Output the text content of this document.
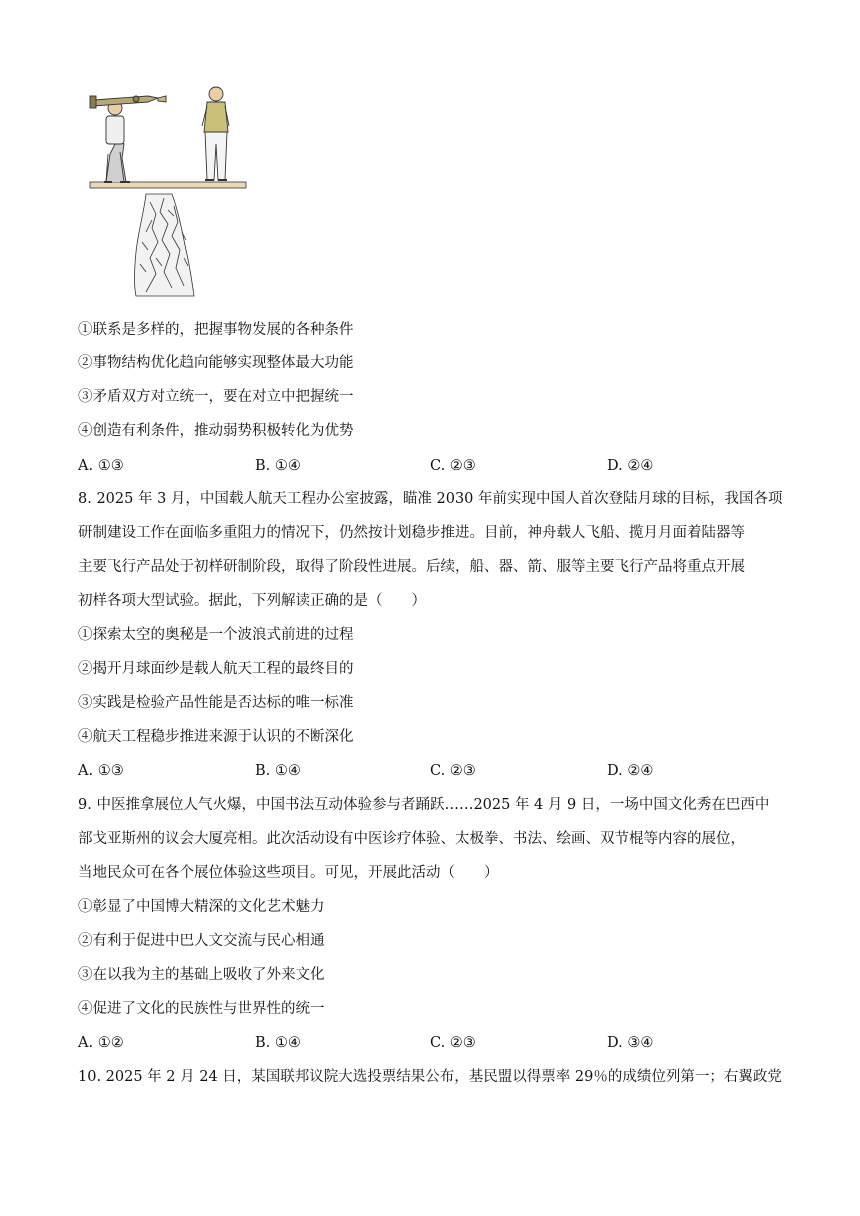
①联系是多样的，把握事物发展的各种条件
②事物结构优化趋向能够实现整体最大功能
③矛盾双方对立统一，要在对立中把握统一
④创造有利条件，推动弱势积极转化为优势
A. ①③	B. ①④	C. ②③	D. ②④
8. 2025 年 3 月，中国载人航天工程办公室披露，瞄准 2030 年前实现中国人首次登陆月球的目标，我国各项
研制建设工作在面临多重阻力的情况下，仍然按计划稳步推进。目前，神舟载人飞船、揽月月面着陆器等
主要飞行产品处于初样研制阶段，取得了阶段性进展。后续，船、器、箭、服等主要飞行产品将重点开展
初样各项大型试验。据此，下列解读正确的是（　　）
①探索太空的奥秘是一个波浪式前进的过程
②揭开月球面纱是载人航天工程的最终目的
③实践是检验产品性能是否达标的唯一标准
④航天工程稳步推进来源于认识的不断深化
A. ①③	B. ①④	C. ②③	D. ②④
9. 中医推拿展位人气火爆，中国书法互动体验参与者踊跃……2025 年 4 月 9 日，一场中国文化秀在巴西中
部戈亚斯州的议会大厦亮相。此次活动设有中医诊疗体验、太极拳、书法、绘画、双节棍等内容的展位，
当地民众可在各个展位体验这些项目。可见，开展此活动（　　）
①彰显了中国博大精深的文化艺术魅力
②有利于促进中巴人文交流与民心相通
③在以我为主的基础上吸收了外来文化
④促进了文化的民族性与世界性的统一
A. ①②	B. ①④	C. ②③	D. ③④
10. 2025 年 2 月 24 日，某国联邦议院大选投票结果公布，基民盟以得票率 29％的成绩位列第一；右翼政党
